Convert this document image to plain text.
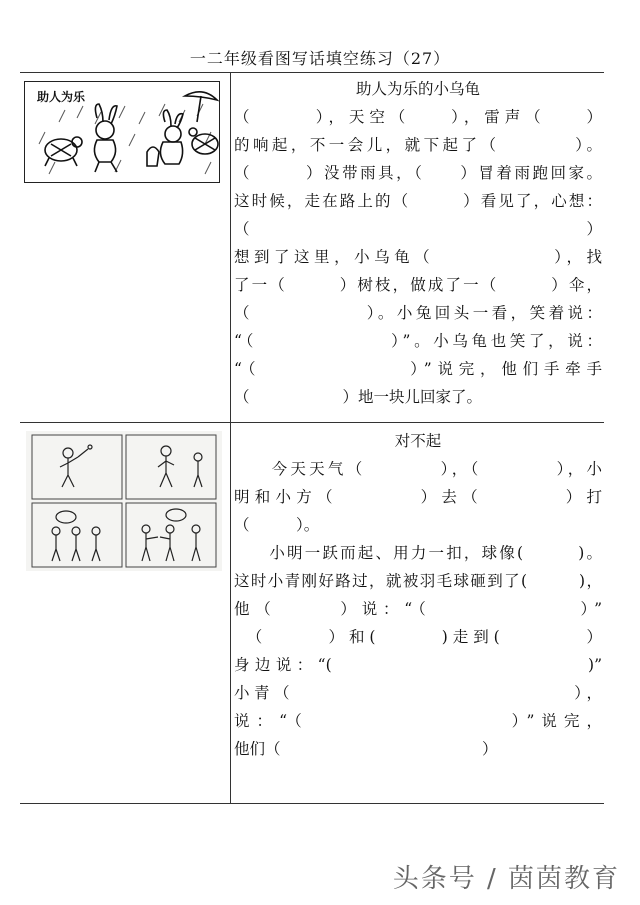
一二年级看图写话填空练习（27）
助人为乐	助人为乐的小乌龟
（　　　），天空（　　），雷声（　　）
的响起，不一会儿，就下起了（　　　　）。
（　　　）没带雨具，（　　）冒着雨跑回家。
这时候，走在路上的（　　　）看见了，心想：
（　　　　　　　　　　　　　　　　　）
想到了这里，小乌龟（　　　　　　），找
了一（　　　）树枝，做成了一（　　　）伞，
（　　　　　　）。小兔回头一看，笑着说：
“（　　　　　　　）”。小乌龟也笑了，说：
“（　　　　　　　）”说完，他们手牵手
（　　　　　　）地一块儿回家了。
对不起
　　今天天气（　　　　），（　　　　），小
明和小方（　　　　）去（　　　　）打
（　　　）。
　　小明一跃而起、用力一扣，球像(　　　)。
这时小青刚好路过，就被羽毛球砸到了(　　　)，
他（　　　）说：“（　　　　　　　）”
　（　　　）和(　　　)走到(　　　　）
身边说：“(　　　　　　　　　　　　)”
小青（　　　　　　　　　　　　　　），
说：“（　　　　　　　　　）”说完，
他们（　　　　　　　　　　　　　）
头条号 / 茵茵教育
